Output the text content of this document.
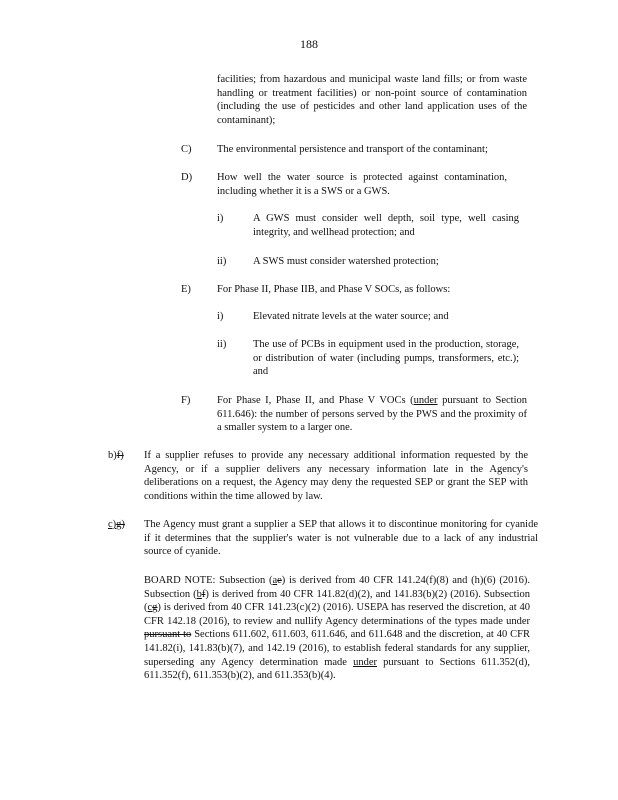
188
facilities; from hazardous and municipal waste land fills; or from waste handling or treatment facilities) or non-point source of contamination (including the use of pesticides and other land application uses of the contaminant);
C) The environmental persistence and transport of the contaminant;
D) How well the water source is protected against contamination, including whether it is a SWS or a GWS.
i)	A GWS must consider well depth, soil type, well casing integrity, and wellhead protection; and
ii)	A SWS must consider watershed protection;
E) For Phase II, Phase IIB, and Phase V SOCs, as follows:
i)	Elevated nitrate levels at the water source; and
ii)	The use of PCBs in equipment used in the production, storage, or distribution of water (including pumps, transformers, etc.); and
F)	For Phase I, Phase II, and Phase V VOCs (under pursuant to Section 611.646): the number of persons served by the PWS and the proximity of a smaller system to a larger one.
b)f) If a supplier refuses to provide any necessary additional information requested by the Agency, or if a supplier delivers any necessary information late in the Agency's deliberations on a request, the Agency may deny the requested SEP or grant the SEP with conditions within the time allowed by law.
c)g) The Agency must grant a supplier a SEP that allows it to discontinue monitoring for cyanide if it determines that the supplier's water is not vulnerable due to a lack of any industrial source of cyanide.
BOARD NOTE: Subsection (ae) is derived from 40 CFR 141.24(f)(8) and (h)(6) (2016). Subsection (bf) is derived from 40 CFR 141.82(d)(2), and 141.83(b)(2) (2016). Subsection (cg) is derived from 40 CFR 141.23(c)(2) (2016). USEPA has reserved the discretion, at 40 CFR 142.18 (2016), to review and nullify Agency determinations of the types made under pursuant to Sections 611.602, 611.603, 611.646, and 611.648 and the discretion, at 40 CFR 141.82(i), 141.83(b)(7), and 142.19 (2016), to establish federal standards for any supplier, superseding any Agency determination made under pursuant to Sections 611.352(d), 611.352(f), 611.353(b)(2), and 611.353(b)(4).
